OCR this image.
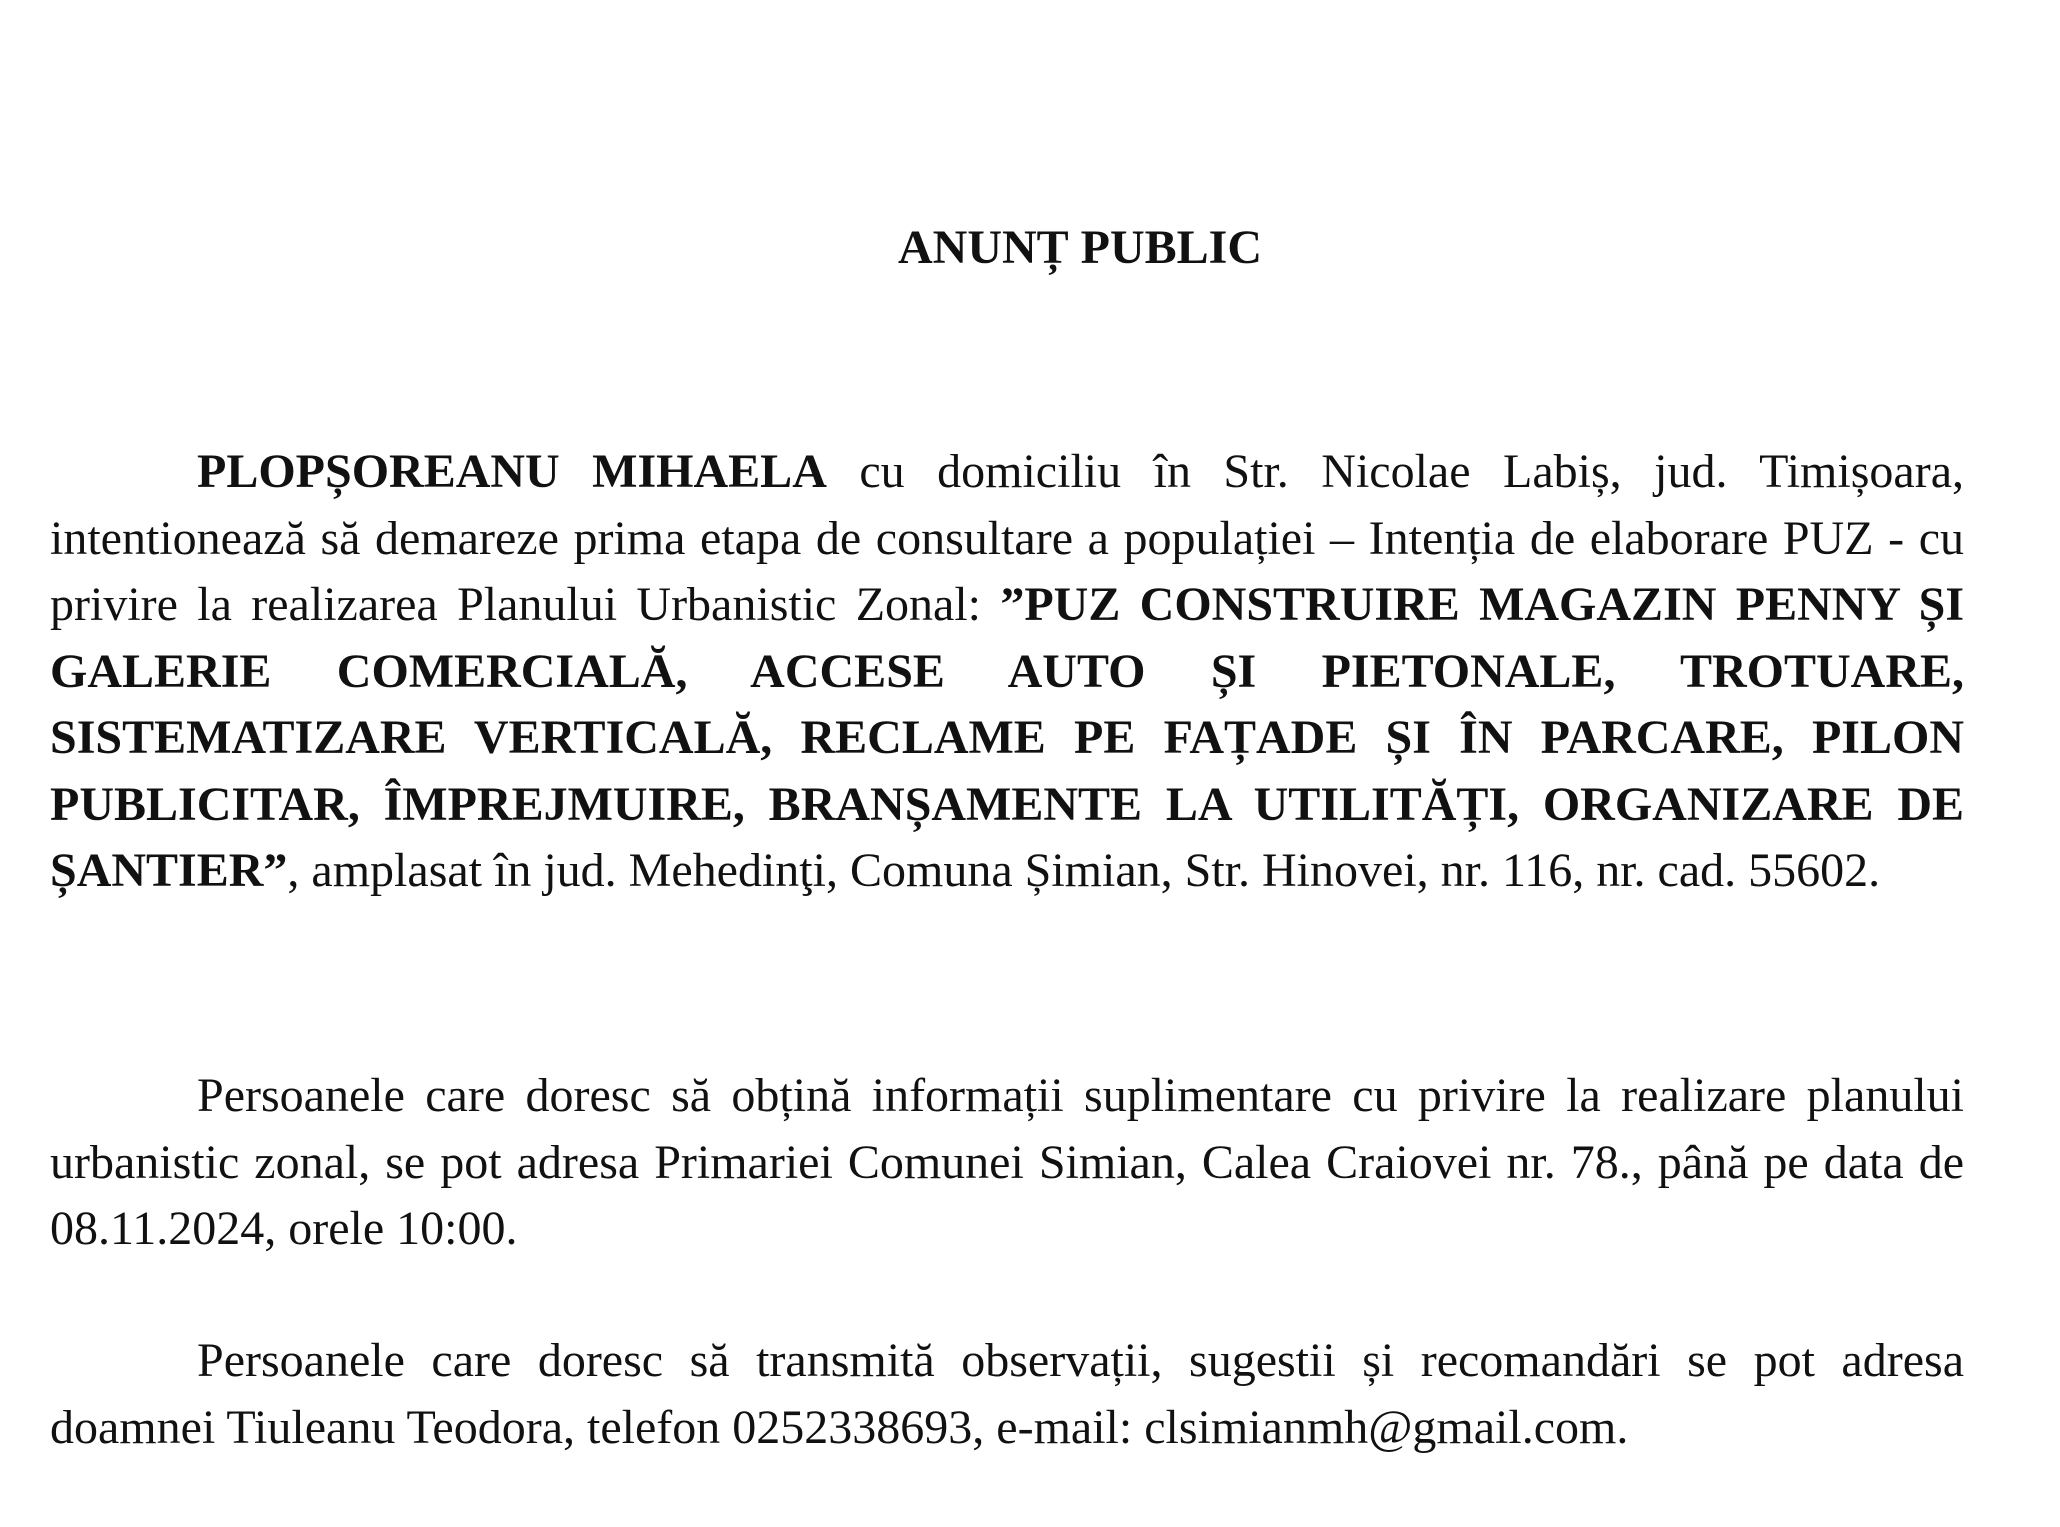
ANUNȚ PUBLIC

PLOPȘOREANU MIHAELA cu domiciliu în Str. Nicolae Labiș, jud. Timișoara, intentionează să demareze prima etapa de consultare a populației – Intenția de elaborare PUZ - cu privire la realizarea Planului Urbanistic Zonal: ”PUZ CONSTRUIRE MAGAZIN PENNY ȘI GALERIE COMERCIALĂ, ACCESE AUTO ȘI PIETONALE, TROTUARE, SISTEMATIZARE VERTICALĂ, RECLAME PE FAȚADE ȘI ÎN PARCARE, PILON PUBLICITAR, ÎMPREJMUIRE, BRANȘAMENTE LA UTILITĂȚI, ORGANIZARE DE ȘANTIER”, amplasat în jud. Mehedinţi, Comuna Șimian, Str. Hinovei, nr. 116, nr. cad. 55602.

Persoanele care doresc să obțină informații suplimentare cu privire la realizare planului urbanistic zonal, se pot adresa Primariei Comunei Simian, Calea Craiovei nr. 78., până pe data de 08.11.2024, orele 10:00.

Persoanele care doresc să transmită observații, sugestii și recomandări se pot adresa doamnei Tiuleanu Teodora, telefon 0252338693, e-mail: clsimianmh@gmail.com.
